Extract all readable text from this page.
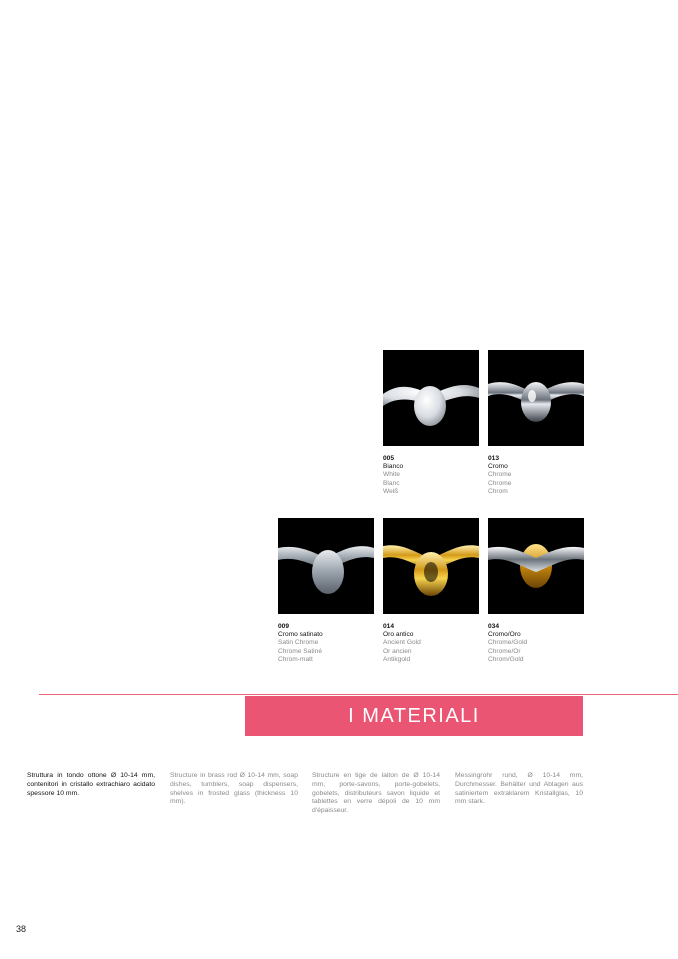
005
Bianco
White
Blanc
Weiß
013
Cromo
Chrome
Chrome
Chrom
009
Cromo satinato
Satin Chrome
Chrome Satiné
Chrom-matt
014
Oro antico
Ancient Gold
Or ancien
Antikgold
034
Cromo/Oro
Chrome/Gold
Chrome/Or
Chrom/Gold
I MATERIALI
Struttura in tondo ottone Ø 10-14 mm, contenitori in cristallo extrachiaro acidato spessore 10 mm.
Structure in brass rod Ø 10-14 mm, soap dishes, tumblers, soap dispensers, shelves in frosted glass (thickness 10 mm).
Structure en tige de laiton de Ø 10-14 mm, porte-savons, porte-gobelets, gobelets, distributeurs savon liquide et tablettes en verre dépoli de 10 mm d'épaisseur.
Messingrohr rund, Ø 10-14 mm, Durchmesser. Behälter und Ablagen aus satiniertem extraklarem Kristallglas, 10 mm stark.
38
